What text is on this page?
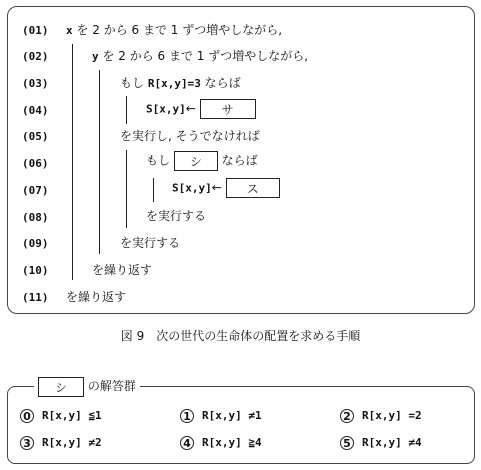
(01)
(02)
(03)
(04)
(05)
(06)
(07)
(08)
(09)
(10)
(11)
x を 2 から 6 まで 1 ずつ増やしながら,
y を 2 から 6 まで 1 ずつ増やしながら,
もし R[x,y]=3 ならば
S[x,y]← サ
を実行し, そうでなければ
もし シ ならば
S[x,y]← ス
を実行する
を実行する
を繰り返す
を繰り返す
図 9　次の世代の生命体の配置を求める手順
シ の解答群
0 R[x,y] ≦1	1 R[x,y] ≠1	2 R[x,y] =2
3 R[x,y] ≠2	4 R[x,y] ≧4	5 R[x,y] ≠4
